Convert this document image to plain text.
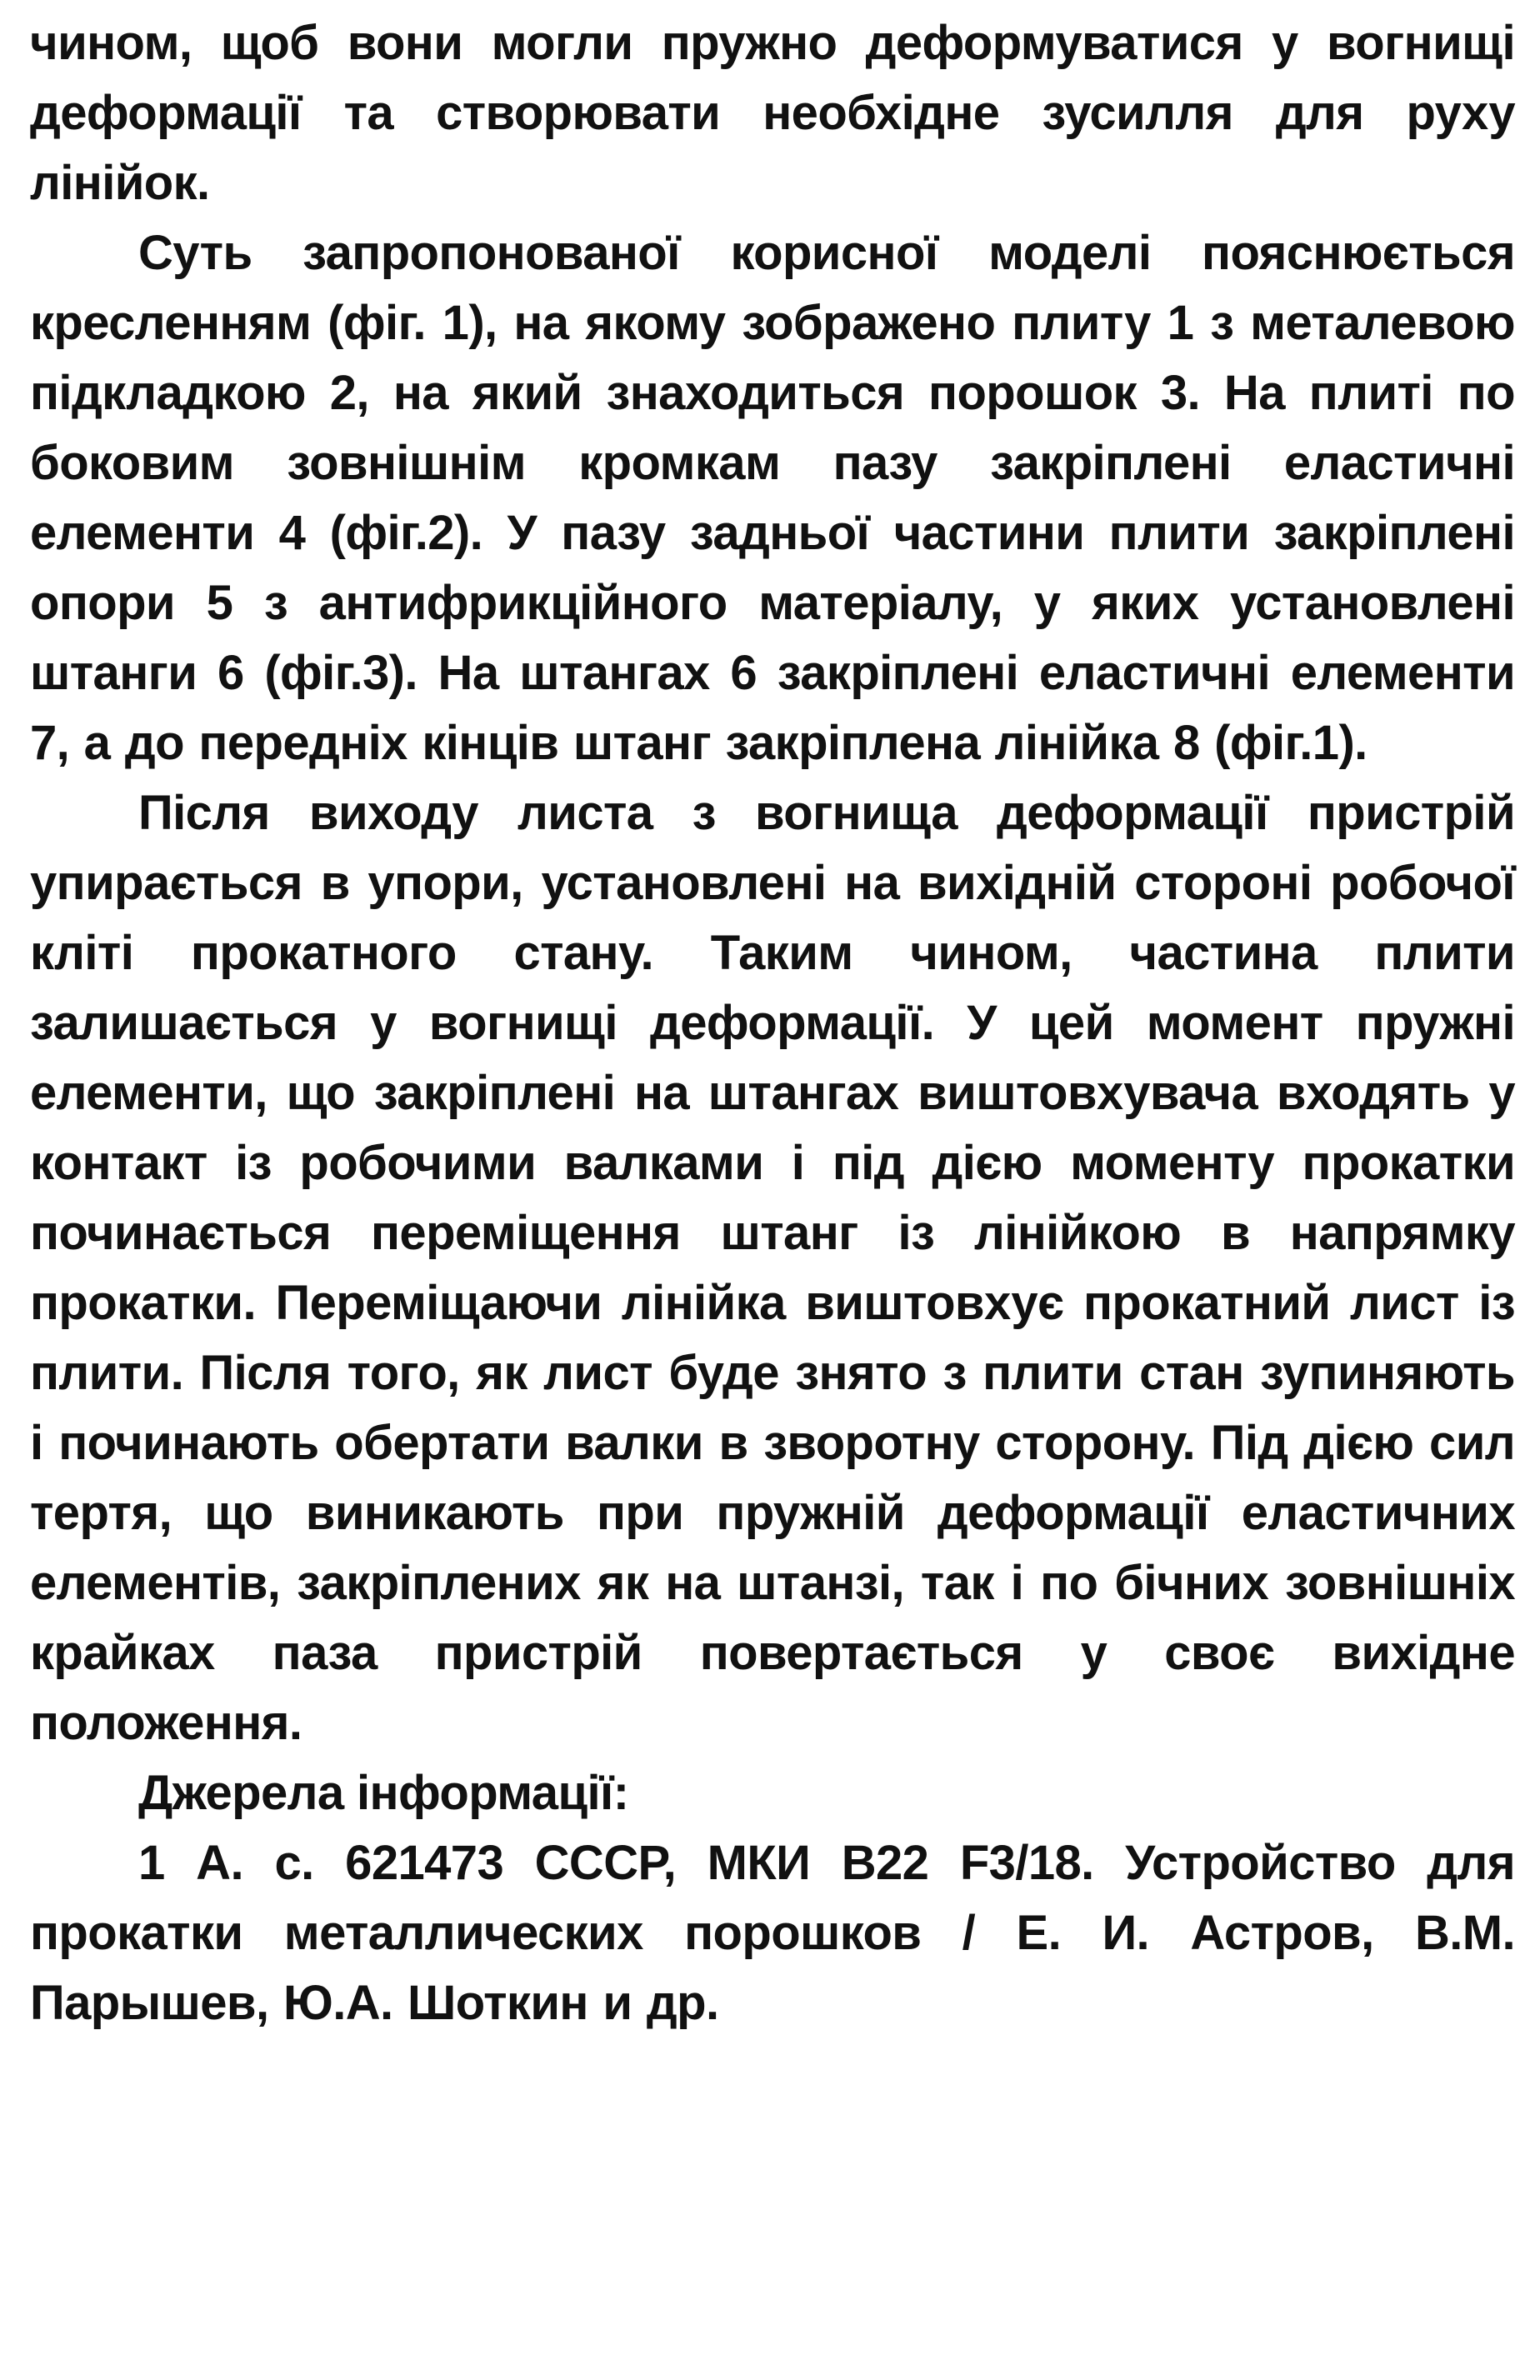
чином, щоб вони могли пружно деформуватися у вогнищі деформації та створювати необхідне зусилля для руху лінійок.

Суть запропонованої корисної моделі пояснюється кресленням (фіг. 1), на якому зображено плиту 1 з металевою підкладкою 2, на який знаходиться порошок 3. На плиті по боковим зовнішнім кромкам пазу закріплені еластичні елементи 4 (фіг.2). У пазу задньої частини плити закріплені опори 5 з антифрикційного матеріалу, у яких установлені штанги 6 (фіг.3). На штангах 6 закріплені еластичні елементи 7, а до передніх кінців штанг закріплена лінійка 8 (фіг.1).

Після виходу листа з вогнища деформації пристрій упирається в упори, установлені на вихідній стороні робочої кліті прокатного стану. Таким чином, частина плити залишається у вогнищі деформації. У цей момент пружні елементи, що закріплені на штангах виштовхувача входять у контакт із робочими валками і під дією моменту прокатки починається переміщення штанг із лінійкою в напрямку прокатки. Переміщаючи лінійка виштовхує прокатний лист із плити. Після того, як лист буде знято з плити стан зупиняють і починають обертати валки в зворотну сторону. Під дією сил тертя, що виникають при пружній деформації еластичних елементів, закріплених як на штанзі, так і по бічних зовнішніх крайках паза пристрій повертається у своє вихідне положення.

Джерела інформації:

1 А. с. 621473 СССР, МКИ В22 F3/18. Устройство для прокатки металлических порошков / Е. И. Астров, В.М. Парышев, Ю.А. Шоткин и др.
